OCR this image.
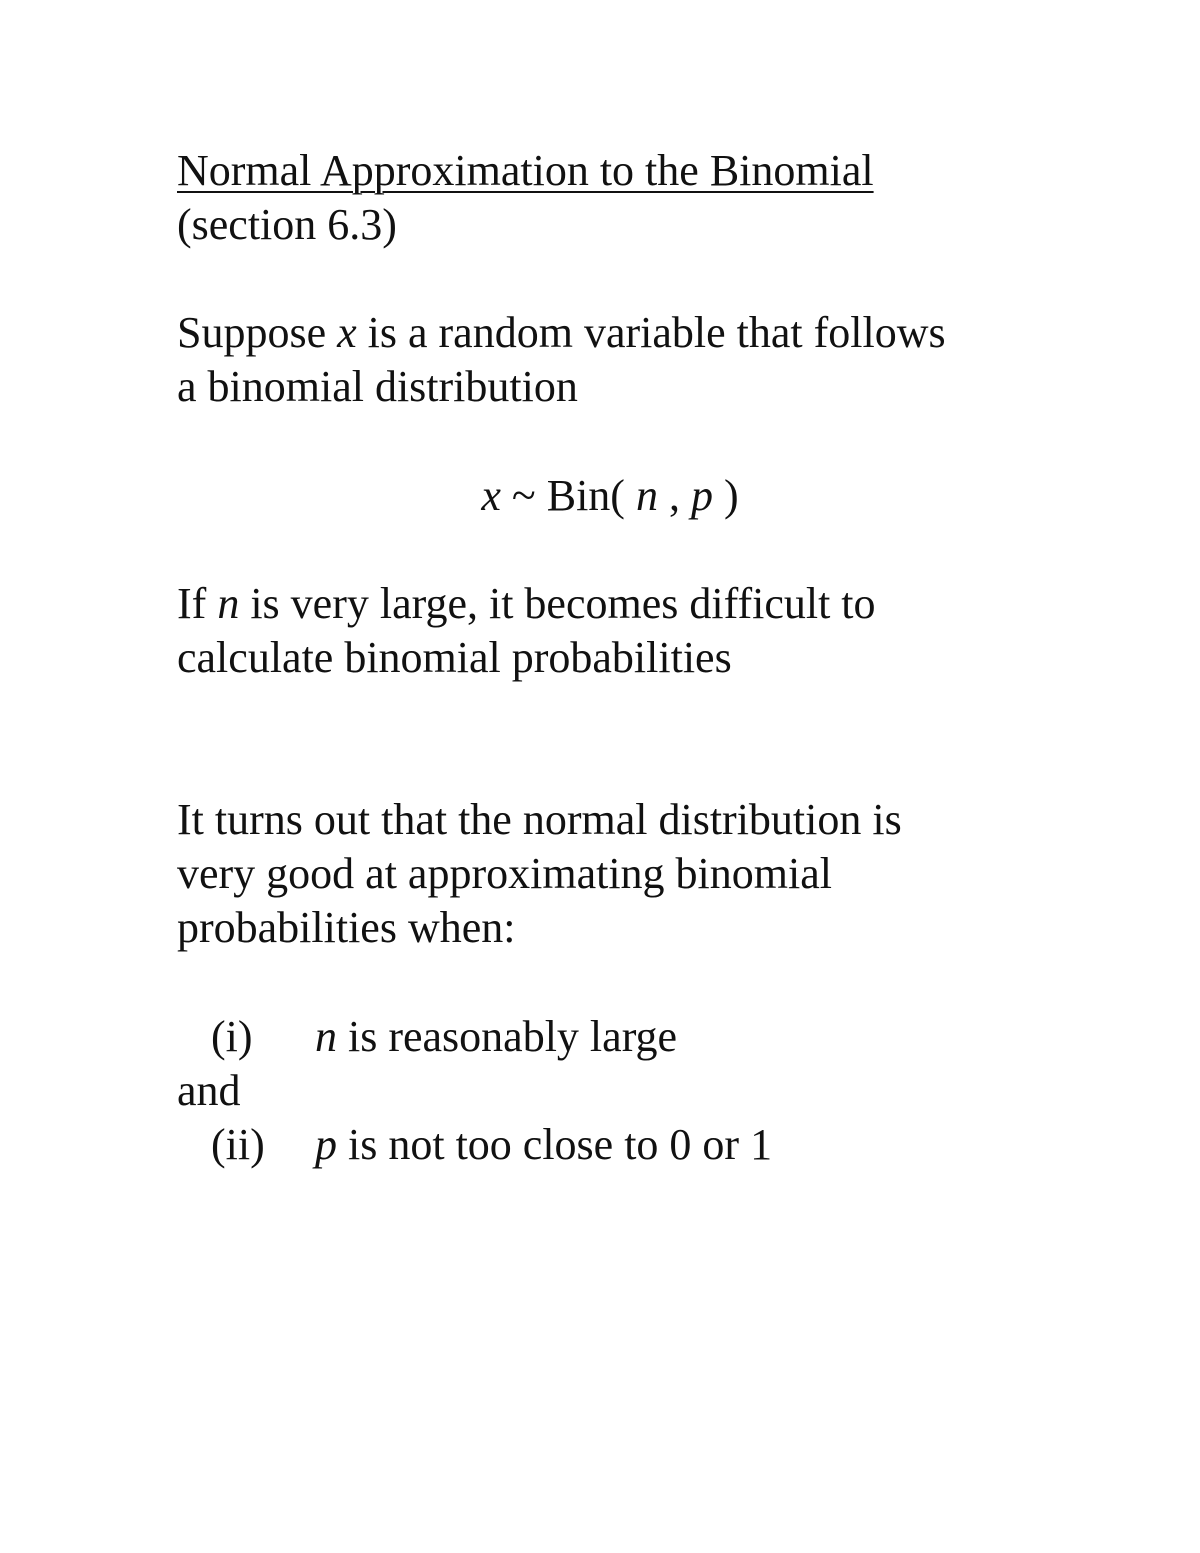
Normal Approximation to the Binomial
(section 6.3)
Suppose x is a random variable that follows
a binomial distribution
x ~ Bin( n , p )
If n is very large, it becomes difficult to
calculate binomial probabilities
It turns out that the normal distribution is
very good at approximating binomial
probabilities when:
(i) n is reasonably large
and
(ii) p is not too close to 0 or 1
